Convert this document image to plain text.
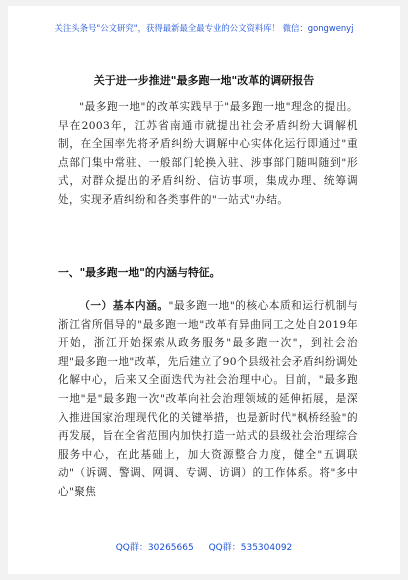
关注头条号"公文研究"，获得最新最全最专业的公文资料库！ 微信：gongwenyj
关于进一步推进"最多跑一地"改革的调研报告

"最多跑一地"的改革实践早于"最多跑一地"理念的提出。早在2003年，江苏省南通市就提出社会矛盾纠纷大调解机制，在全国率先将矛盾纠纷大调解中心实体化运行即通过"重点部门集中常驻、一般部门轮换入驻、涉事部门随叫随到"形式，对群众提出的矛盾纠纷、信访事项，集成办理、统筹调处，实现矛盾纠纷和各类事件的"一站式"办结。

一、"最多跑一地"的内涵与特征。

（一）基本内涵。"最多跑一地"的核心本质和运行机制与浙江省所倡导的"最多跑一地"改革有异曲同工之处自2019年开始，浙江开始探索从政务服务"最多跑一次"，到社会治理"最多跑一地"改革，先后建立了90个县级社会矛盾纠纷调处化解中心，后来又全面迭代为社会治理中心。目前，"最多跑一地"是"最多跑一次"改革向社会治理领域的延伸拓展，是深入推进国家治理现代化的关键举措，也是新时代"枫桥经验"的再发展，旨在全省范围内加快打造一站式的县级社会治理综合服务中心，在此基础上，加大资源整合力度，健全"五调联动"（诉调、警调、网调、专调、访调）的工作体系。将"多中心"聚焦

QQ群：30265665 QQ群：535304092
